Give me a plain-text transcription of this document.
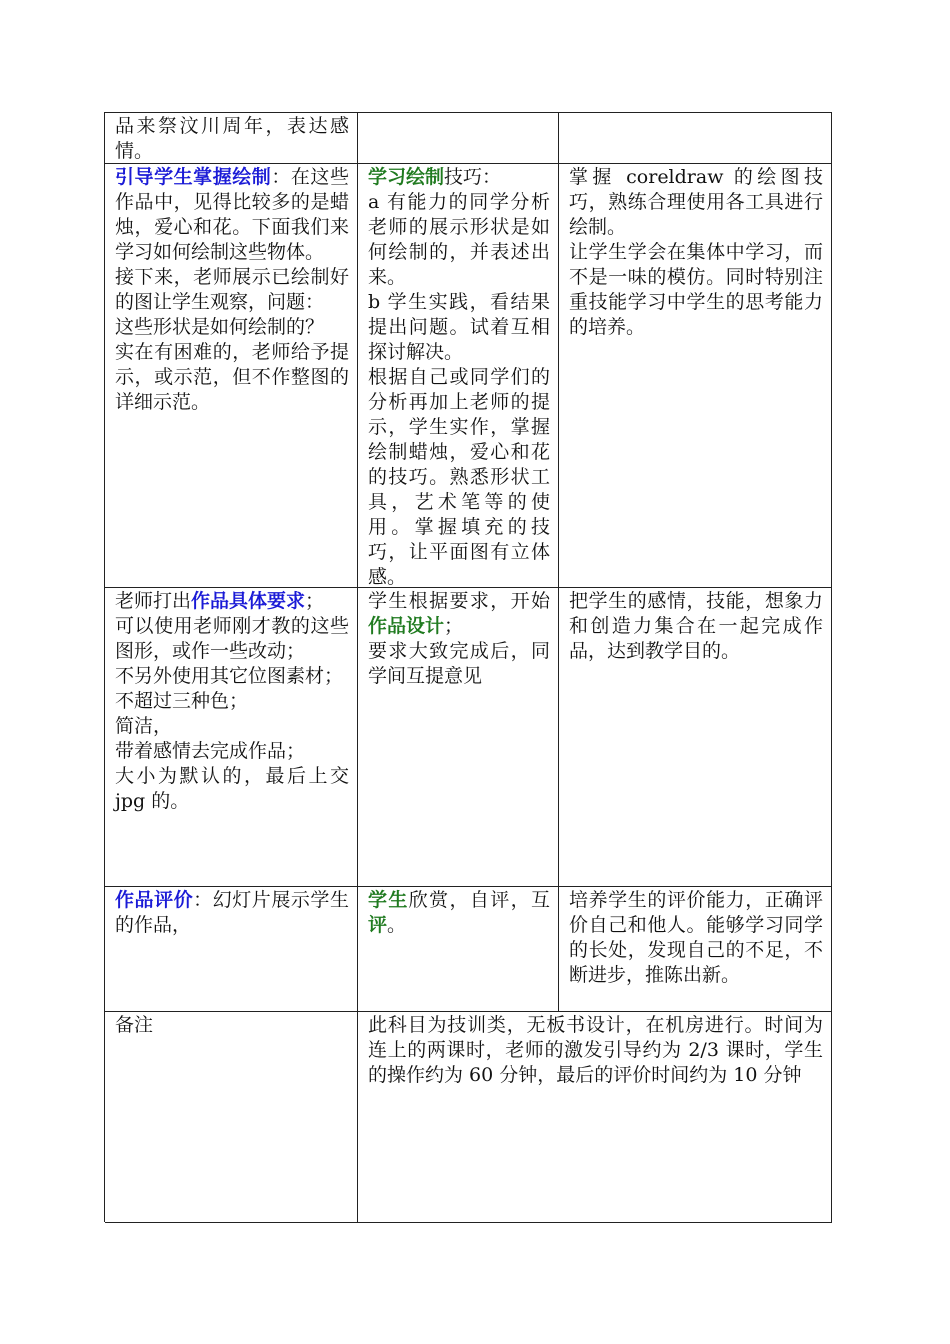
品来祭汶川周年，表达感情。

引导学生掌握绘制：在这些作品中，见得比较多的是蜡烛，爱心和花。下面我们来学习如何绘制这些物体。

接下来，老师展示已绘制好的图让学生观察，问题：

这些形状是如何绘制的？

实在有困难的，老师给予提示，或示范，但不作整图的详细示范。

学习绘制技巧：

a 有能力的同学分析老师的展示形状是如何绘制的，并表述出来。

b 学生实践，看结果提出问题。试着互相探讨解决。

根据自己或同学们的分析再加上老师的提示，学生实作，掌握绘制蜡烛，爱心和花的技巧。熟悉形状工具，艺术笔等的使用。掌握填充的技巧，让平面图有立体感。

掌握 coreldraw 的绘图技巧，熟练合理使用各工具进行绘制。

让学生学会在集体中学习，而不是一味的模仿。同时特别注重技能学习中学生的思考能力的培养。

老师打出作品具体要求；

可以使用老师刚才教的这些图形，或作一些改动；

不另外使用其它位图素材；

不超过三种色；

简洁，

带着感情去完成作品；

大小为默认的，最后上交 jpg 的。

学生根据要求，开始作品设计；

要求大致完成后，同学间互提意见

把学生的感情，技能，想象力和创造力集合在一起完成作品，达到教学目的。

作品评价：幻灯片展示学生的作品，

学生欣赏，自评，互评。

培养学生的评价能力，正确评价自己和他人。能够学习同学的长处，发现自己的不足，不断进步，推陈出新。

备注	此科目为技训类，无板书设计，在机房进行。时间为连上的两课时，老师的激发引导约为 2/3 课时，学生的操作约为 60 分钟，最后的评价时间约为 10 分钟
